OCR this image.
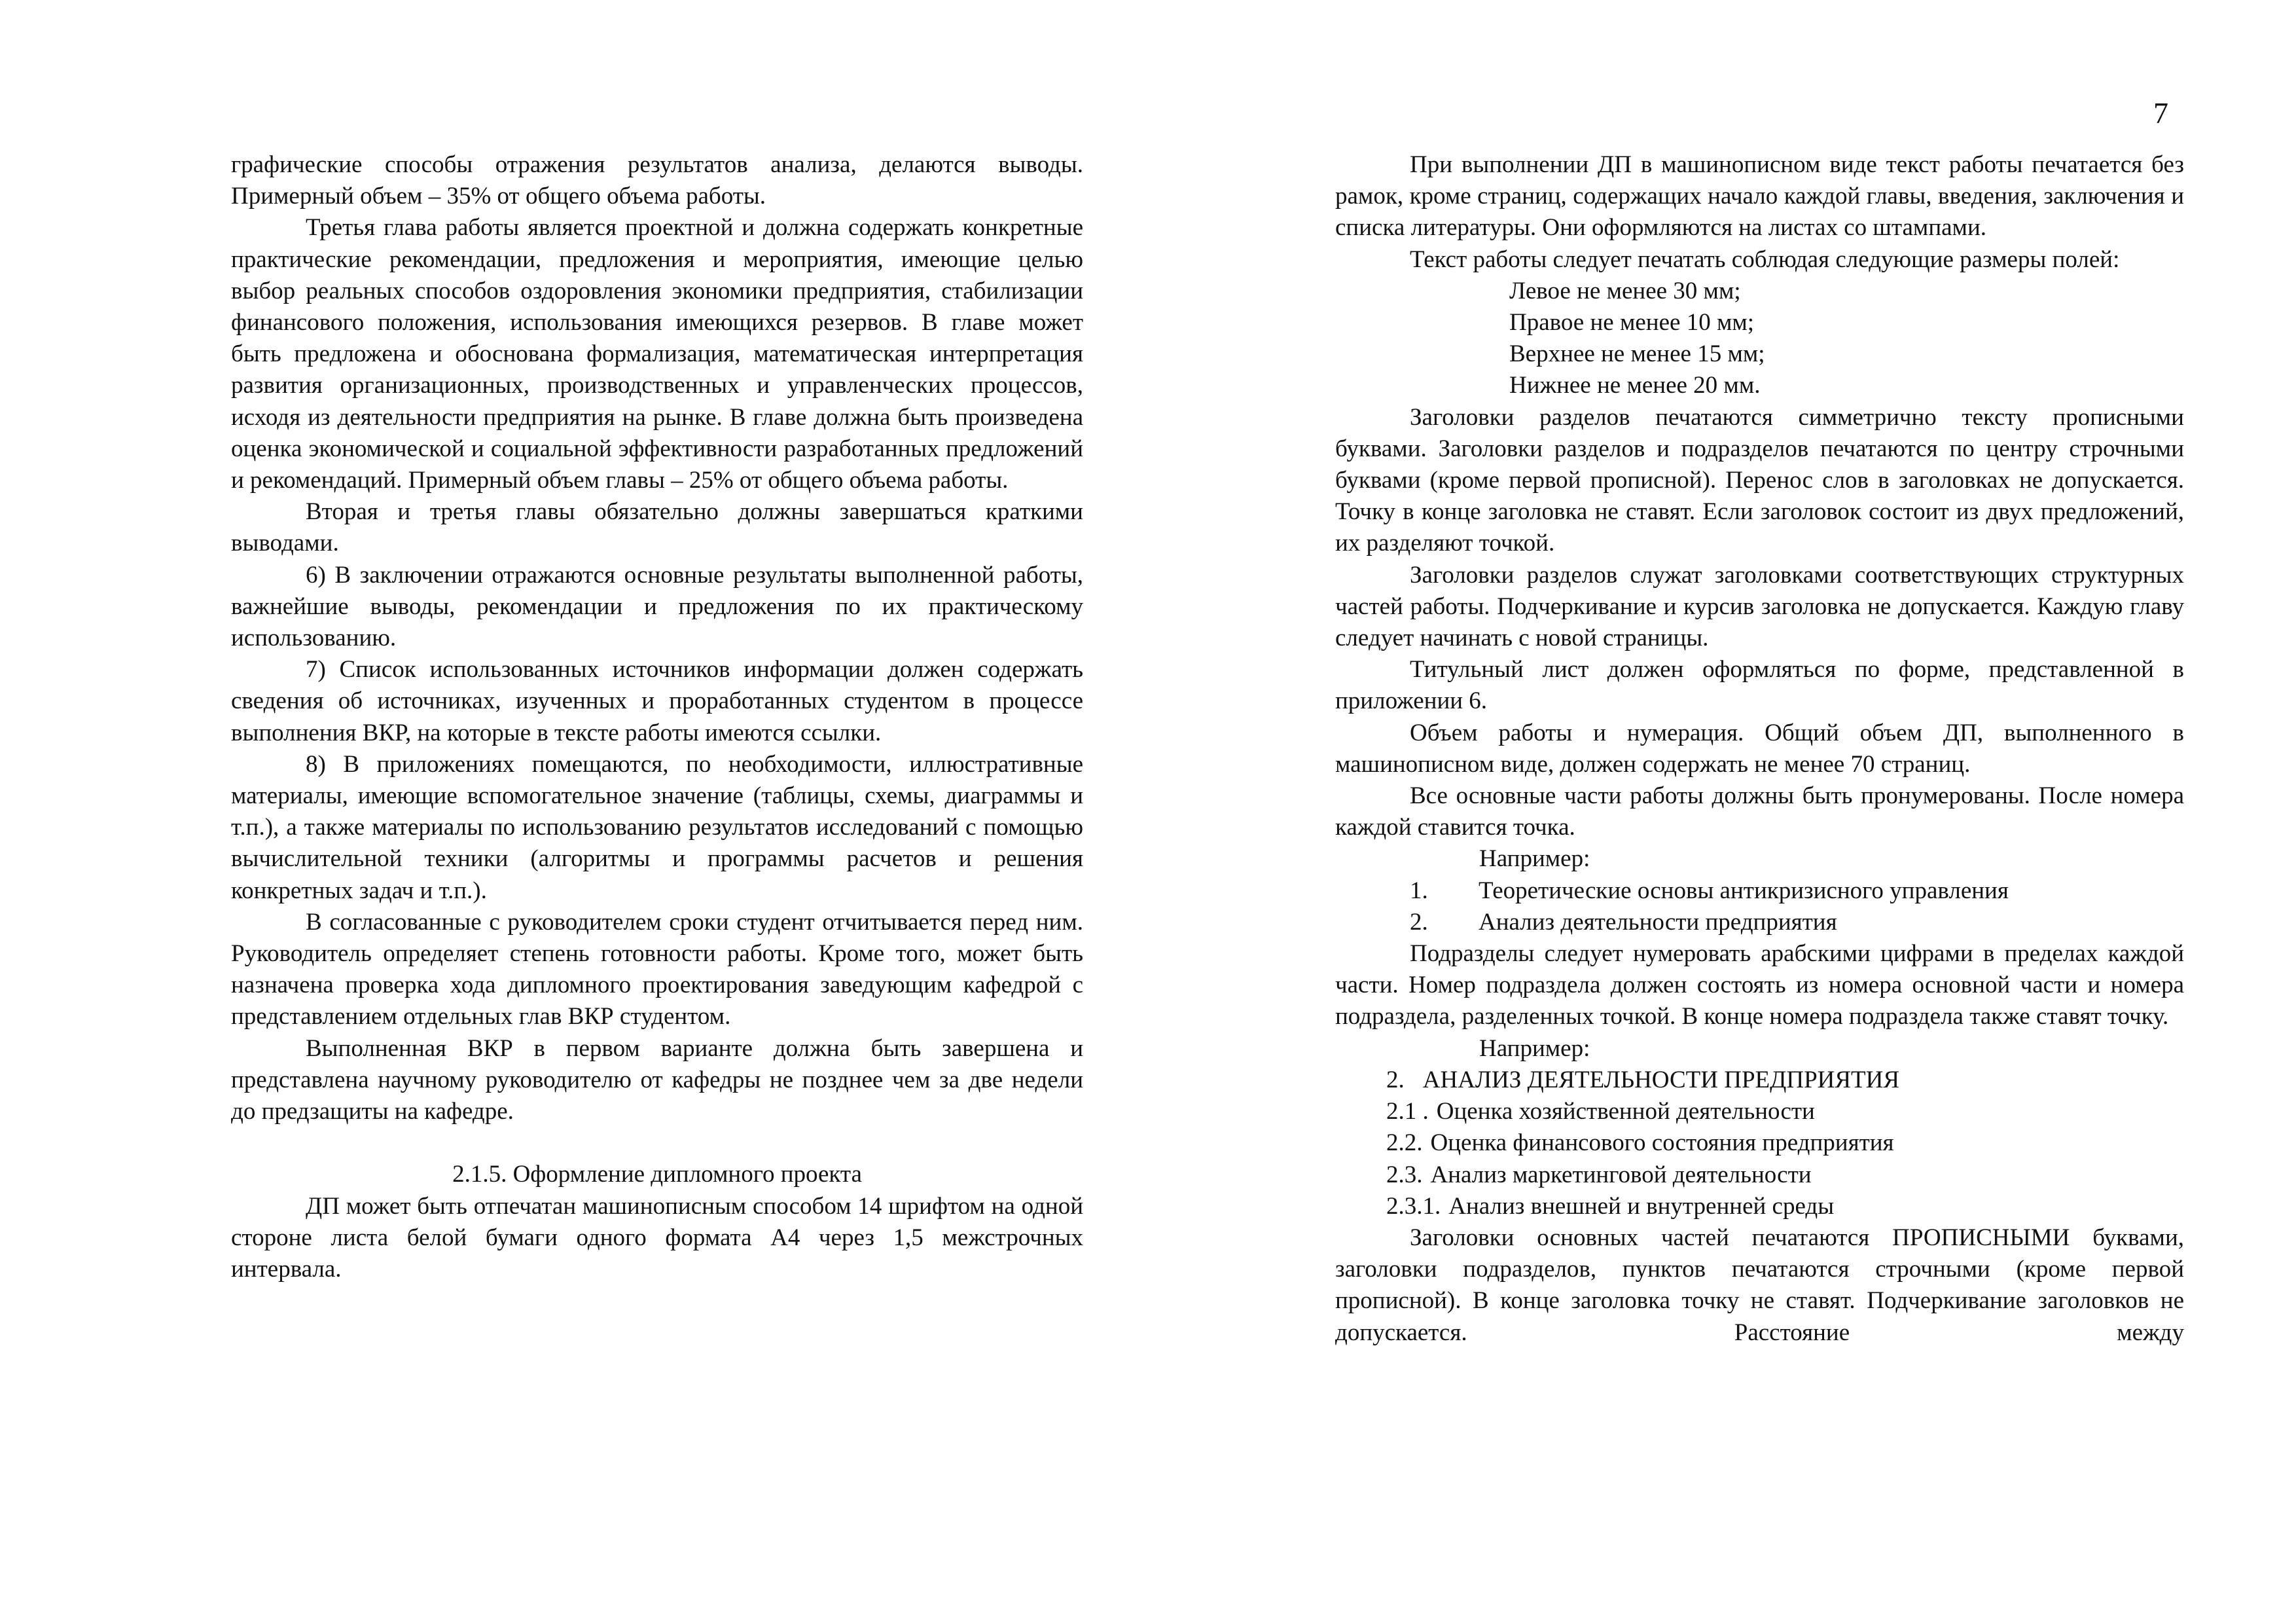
7

графические способы отражения результатов анализа, делаются выводы. Примерный объем – 35% от общего объема работы.

Третья глава работы является проектной и должна содержать конкретные практические рекомендации, предложения и мероприятия, имеющие целью выбор реальных способов оздоровления экономики предприятия, стабилизации финансового положения, использования имеющихся резервов. В главе может быть предложена и обоснована формализация, математическая интерпретация развития организационных, производственных и управленческих процессов, исходя из деятельности предприятия на рынке. В главе должна быть произведена оценка экономической и социальной эффективности разработанных предложений и рекомендаций. Примерный объем главы – 25% от общего объема работы.

Вторая и третья главы обязательно должны завершаться краткими выводами.

6) В заключении отражаются основные результаты выполненной работы, важнейшие выводы, рекомендации и предложения по их практическому использованию.

7) Список использованных источников информации должен содержать сведения об источниках, изученных и проработанных студентом в процессе выполнения ВКР, на которые в тексте работы имеются ссылки.

8) В приложениях помещаются, по необходимости, иллюстративные материалы, имеющие вспомогательное значение (таблицы, схемы, диаграммы и т.п.), а также материалы по использованию результатов исследований с помощью вычислительной техники (алгоритмы и программы расчетов и решения конкретных задач и т.п.).

В согласованные с руководителем сроки студент отчитывается перед ним. Руководитель определяет степень готовности работы. Кроме того, может быть назначена проверка хода дипломного проектирования заведующим кафедрой с представлением отдельных глав ВКР студентом.

Выполненная ВКР в первом варианте должна быть завершена и представлена научному руководителю от кафедры не позднее чем за две недели до предзащиты на кафедре.

2.1.5. Оформление дипломного проекта

ДП может быть отпечатан машинописным способом 14 шрифтом на одной стороне листа белой бумаги одного формата А4 через 1,5 межстрочных интервала.

При выполнении ДП в машинописном виде текст работы печатается без рамок, кроме страниц, содержащих начало каждой главы, введения, заключения и списка литературы. Они оформляются на листах со штампами.

Текст работы следует печатать соблюдая следующие размеры полей:

Левое не менее 30 мм;
Правое не менее 10 мм;
Верхнее не менее 15 мм;
Нижнее не менее 20 мм.

Заголовки разделов печатаются симметрично тексту прописными буквами. Заголовки разделов и подразделов печатаются по центру строчными буквами (кроме первой прописной). Перенос слов в заголовках не допускается. Точку в конце заголовка не ставят. Если заголовок состоит из двух предложений, их разделяют точкой.

Заголовки разделов служат заголовками соответствующих структурных частей работы. Подчеркивание и курсив заголовка не допускается. Каждую главу следует начинать с новой страницы.

Титульный лист должен оформляться по форме, представленной в приложении 6.

Объем работы и нумерация. Общий объем ДП, выполненного в машинописном виде, должен содержать не менее 70 страниц.

Все основные части работы должны быть пронумерованы. После номера каждой ставится точка.

Например:

1.	Теоретические основы антикризисного управления
2.	Анализ деятельности предприятия

Подразделы следует нумеровать арабскими цифрами в пределах каждой части. Номер подраздела должен состоять из номера основной части и номера подраздела, разделенных точкой. В конце номера подраздела также ставят точку.

Например:

2. АНАЛИЗ ДЕЯТЕЛЬНОСТИ ПРЕДПРИЯТИЯ
2.1 . Оценка хозяйственной деятельности
2.2. Оценка финансового состояния предприятия
2.3. Анализ маркетинговой деятельности
2.3.1. Анализ внешней и внутренней среды

Заголовки основных частей печатаются ПРОПИСНЫМИ буквами, заголовки подразделов, пунктов печатаются строчными (кроме первой прописной). В конце заголовка точку не ставят. Подчеркивание заголовков не допускается. Расстояние между
